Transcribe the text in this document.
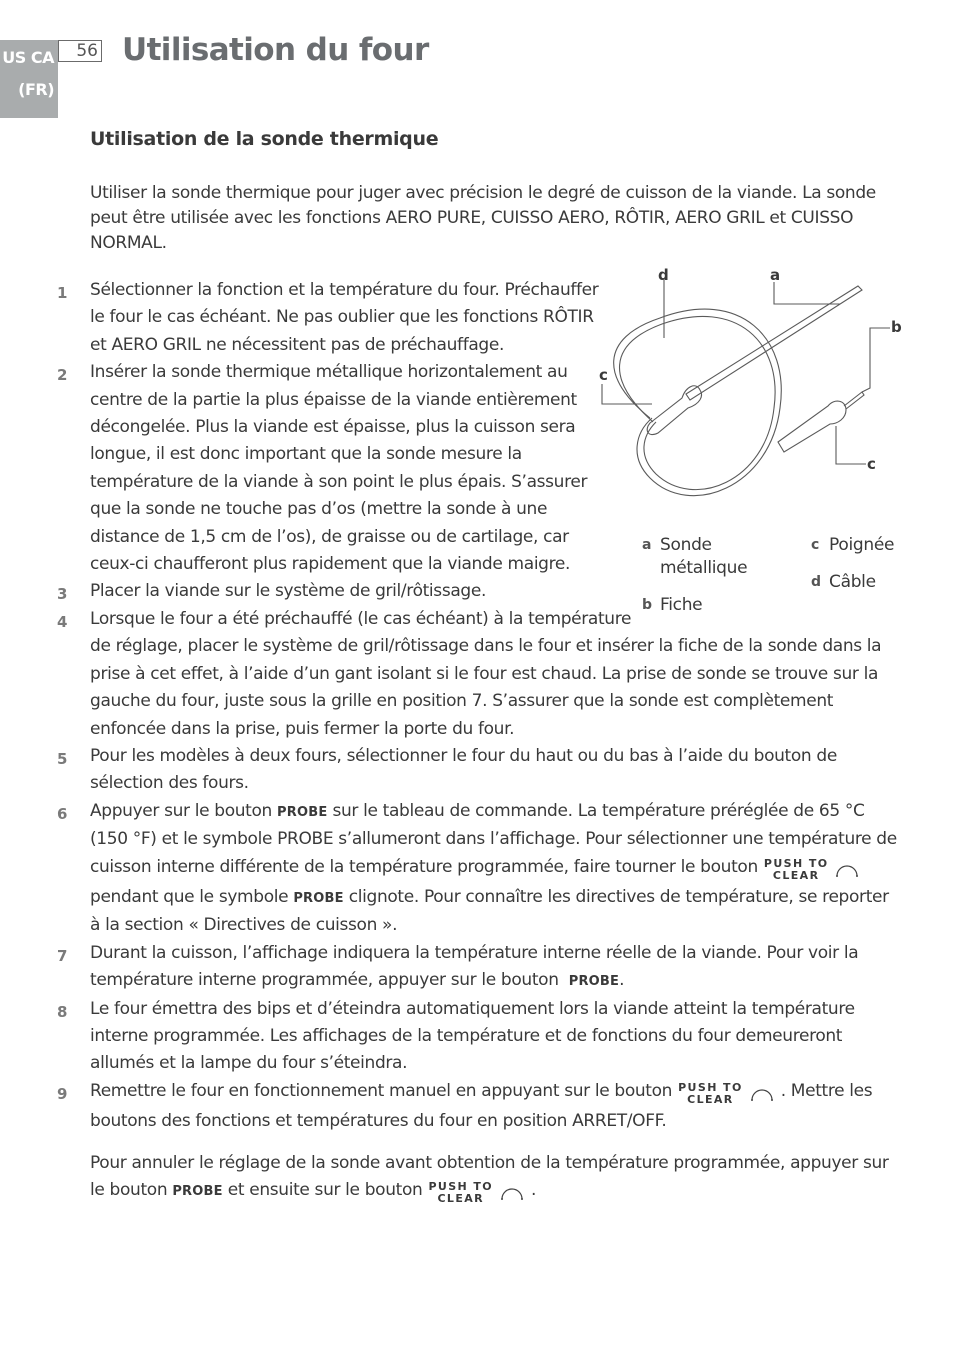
US CA
(FR)
56 Utilisation du four
Utilisation de la sonde thermique

Utiliser la sonde thermique pour juger avec précision le degré de cuisson de la viande. La sonde peut être utilisée avec les fonctions AERO PURE, CUISSO AERO, RÔTIR, AERO GRIL et CUISSO NORMAL.

d	a
b
c
c
a Sonde métallique
b Fiche
c Poignée
d Câble
1 Sélectionner la fonction et la température du four. Préchauffer le four le cas échéant. Ne pas oublier que les fonctions RÔTIR et AERO GRIL ne nécessitent pas de préchauffage.
2 Insérer la sonde thermique métallique horizontalement au centre de la partie la plus épaisse de la viande entièrement décongelée. Plus la viande est épaisse, plus la cuisson sera longue, il est donc important que la sonde mesure la température de la viande à son point le plus épais. S’assurer que la sonde ne touche pas d’os (mettre la sonde à une distance de 1,5 cm de l’os), de graisse ou de cartilage, car ceux-ci chaufferont plus rapidement que la viande maigre.
3 Placer la viande sur le système de gril/rôtissage.
4 Lorsque le four a été préchauffé (le cas échéant) à la température
de réglage, placer le système de gril/rôtissage dans le four et insérer la fiche de la sonde dans la prise à cet effet, à l’aide d’un gant isolant si le four est chaud. La prise de sonde se trouve sur la gauche du four, juste sous la grille en position 7. S’assurer que la sonde est complètement enfoncée dans la prise, puis fermer la porte du four.
5 Pour les modèles à deux fours, sélectionner le four du haut ou du bas à l’aide du bouton de sélection des fours.
6 Appuyer sur le bouton PROBE sur le tableau de commande. La température préréglée de 65 °C (150 °F) et le symbole PROBE s’allumeront dans l’affichage. Pour sélectionner une température de cuisson interne différente de la température programmée, faire tourner le bouton PUSH TO
CLEARpendant que le symbole PROBE clignote. Pour connaître les directives de température, se reporter à la section « Directives de cuisson ».
7 Durant la cuisson, l’affichage indiquera la température interne réelle de la viande. Pour voir la température interne programmée, appuyer sur le bouton PROBE.
8 Le four émettra des bips et d’éteindra automatiquement lors la viande atteint la température interne programmée. Les affichages de la température et de fonctions du four demeureront allumés et la lampe du four s’éteindra.
9 Remettre le four en fonctionnement manuel en appuyant sur le bouton PUSH TO
CLEAR	. Mettre les boutons des fonctions et températures du four en position ARRET/OFF.

Pour annuler le réglage de la sonde avant obtention de la température programmée, appuyer sur le bouton PROBE et ensuite sur le bouton PUSH TO
CLEAR	.
